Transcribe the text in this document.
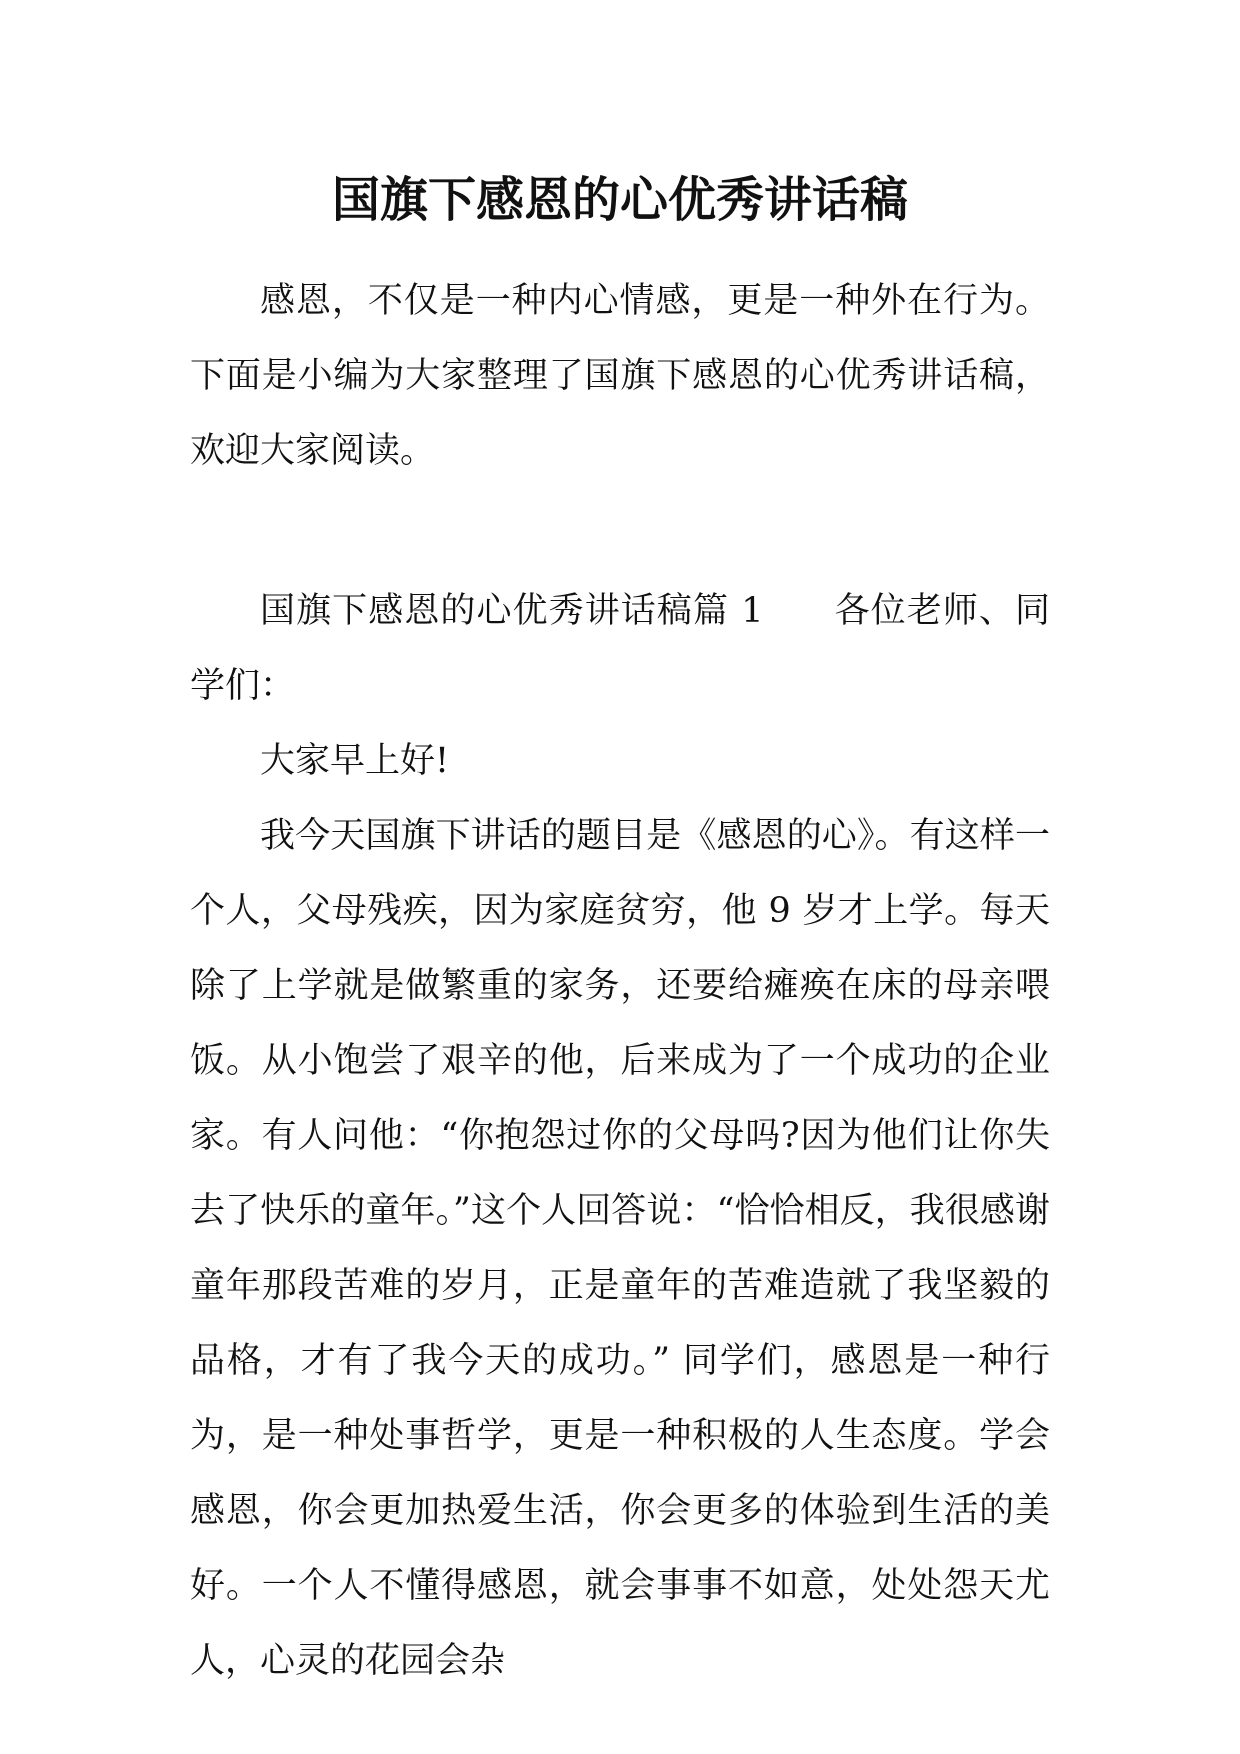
国旗下感恩的心优秀讲话稿

感恩，不仅是一种内心情感，更是一种外在行为。下面是小编为大家整理了国旗下感恩的心优秀讲话稿，欢迎大家阅读。

国旗下感恩的心优秀讲话稿篇 1 各位老师、同学们：

大家早上好!

我今天国旗下讲话的题目是《感恩的心》。有这样一个人，父母残疾，因为家庭贫穷，他 9 岁才上学。每天除了上学就是做繁重的家务，还要给瘫痪在床的母亲喂饭。从小饱尝了艰辛的他，后来成为了一个成功的企业家。有人问他：“你抱怨过你的父母吗?因为他们让你失去了快乐的童年。”这个人回答说：“恰恰相反，我很感谢童年那段苦难的岁月，正是童年的苦难造就了我坚毅的品格，才有了我今天的成功。” 同学们，感恩是一种行为，是一种处事哲学，更是一种积极的人生态度。学会感恩，你会更加热爱生活，你会更多的体验到生活的美好。一个人不懂得感恩，就会事事不如意，处处怨天尤人，心灵的花园会杂
